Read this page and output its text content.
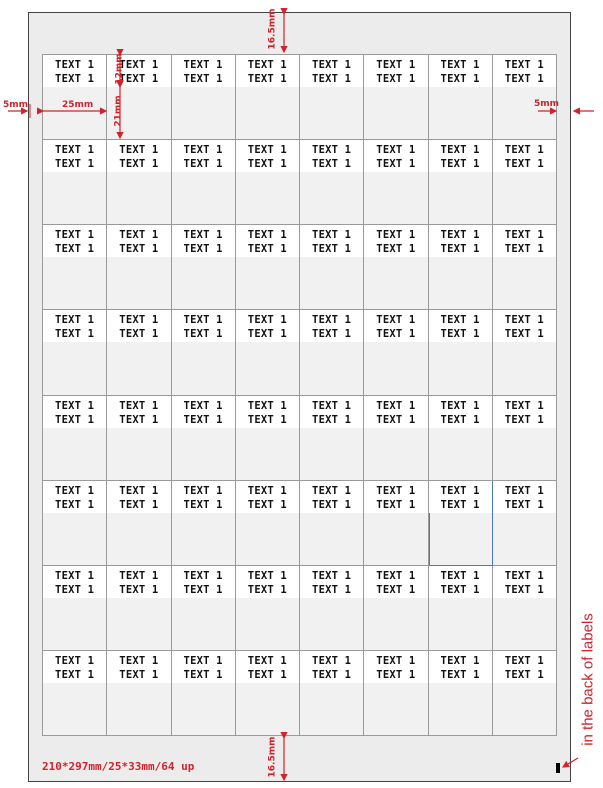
TEXT 1
TEXT 1
TEXT 1
TEXT 1
TEXT 1
TEXT 1
TEXT 1
TEXT 1
TEXT 1
TEXT 1
TEXT 1
TEXT 1
TEXT 1
TEXT 1
TEXT 1
TEXT 1
TEXT 1
TEXT 1
TEXT 1
TEXT 1
TEXT 1
TEXT 1
TEXT 1
TEXT 1
TEXT 1
TEXT 1
TEXT 1
TEXT 1
TEXT 1
TEXT 1
TEXT 1
TEXT 1
TEXT 1
TEXT 1
TEXT 1
TEXT 1
TEXT 1
TEXT 1
TEXT 1
TEXT 1
TEXT 1
TEXT 1
TEXT 1
TEXT 1
TEXT 1
TEXT 1
TEXT 1
TEXT 1
TEXT 1
TEXT 1
TEXT 1
TEXT 1
TEXT 1
TEXT 1
TEXT 1
TEXT 1
TEXT 1
TEXT 1
TEXT 1
TEXT 1
TEXT 1
TEXT 1
TEXT 1
TEXT 1
TEXT 1
TEXT 1
TEXT 1
TEXT 1
TEXT 1
TEXT 1
TEXT 1
TEXT 1
TEXT 1
TEXT 1
TEXT 1
TEXT 1
TEXT 1
TEXT 1
TEXT 1
TEXT 1
TEXT 1
TEXT 1
TEXT 1
TEXT 1
TEXT 1
TEXT 1
TEXT 1
TEXT 1
TEXT 1
TEXT 1
TEXT 1
TEXT 1
TEXT 1
TEXT 1
TEXT 1
TEXT 1
TEXT 1
TEXT 1
TEXT 1
TEXT 1
TEXT 1
TEXT 1
TEXT 1
TEXT 1
TEXT 1
TEXT 1
TEXT 1
TEXT 1
TEXT 1
TEXT 1
TEXT 1
TEXT 1
TEXT 1
TEXT 1
TEXT 1
TEXT 1
TEXT 1
TEXT 1
TEXT 1
TEXT 1
TEXT 1
TEXT 1
TEXT 1
TEXT 1
TEXT 1
TEXT 1
TEXT 1
TEXT 1
16.5mm
16.5mm
5mm	5mm
25mm
12mm
21mm
210*297mm/25*33mm/64 up
in the back of labels
